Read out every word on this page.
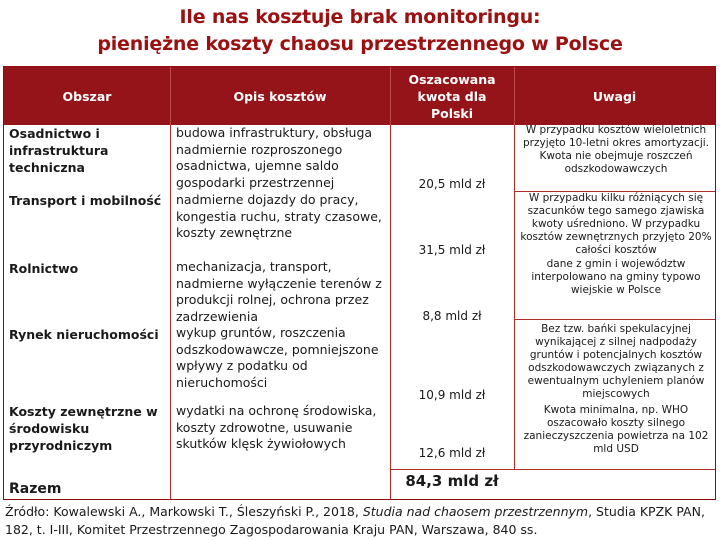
Ile nas kosztuje brak monitoringu:
pieniężne koszty chaosu przestrzennego w Polsce
Obszar	Opis kosztów
Oszacowana kwota dla Polski
Uwagi
Osadnictwo i infrastruktura techniczna
Transport i mobilność
Rolnictwo
Rynek nieruchomości
Koszty zewnętrzne w środowisku przyrodniczym
budowa infrastruktury, obsługa nadmiernie rozproszonego osadnictwa, ujemne saldo gospodarki przestrzennej
nadmierne dojazdy do pracy, kongestia ruchu, straty czasowe, koszty zewnętrzne
mechanizacja, transport, nadmierne wyłączenie terenów z produkcji rolnej, ochrona przez zadrzewienia
wykup gruntów, roszczenia odszkodowawcze, pomniejszone wpływy z podatku od nieruchomości
wydatki na ochronę środowiska, koszty zdrowotne, usuwanie skutków klęsk żywiołowych
20,5 mld zł
31,5 mld zł
8,8 mld zł
10,9 mld zł
12,6 mld zł
W przypadku kosztów wieloletnich przyjęto 10-letni okres amortyzacji. Kwota nie obejmuje roszczeń odszkodowawczych
W przypadku kilku różniących się szacunków tego samego zjawiska kwoty uśredniono. W przypadku kosztów zewnętrznych przyjęto 20% całości kosztów
dane z gmin i województw interpolowano na gminy typowo wiejskie w Polsce
Bez tzw. bańki spekulacyjnej wynikającej z silnej nadpodaży gruntów i potencjalnych kosztów odszkodowawczych związanych z ewentualnym uchyleniem planów miejscowych
Kwota minimalna, np. WHO oszacowało koszty silnego zanieczyszczenia powietrza na 102 mld USD
Razem	84,3 mld zł
Źródło: Kowalewski A., Markowski T., Śleszyński P., 2018, Studia nad chaosem przestrzennym, Studia KPZK PAN, 182, t. I-III, Komitet Przestrzennego Zagospodarowania Kraju PAN, Warszawa, 840 ss.
